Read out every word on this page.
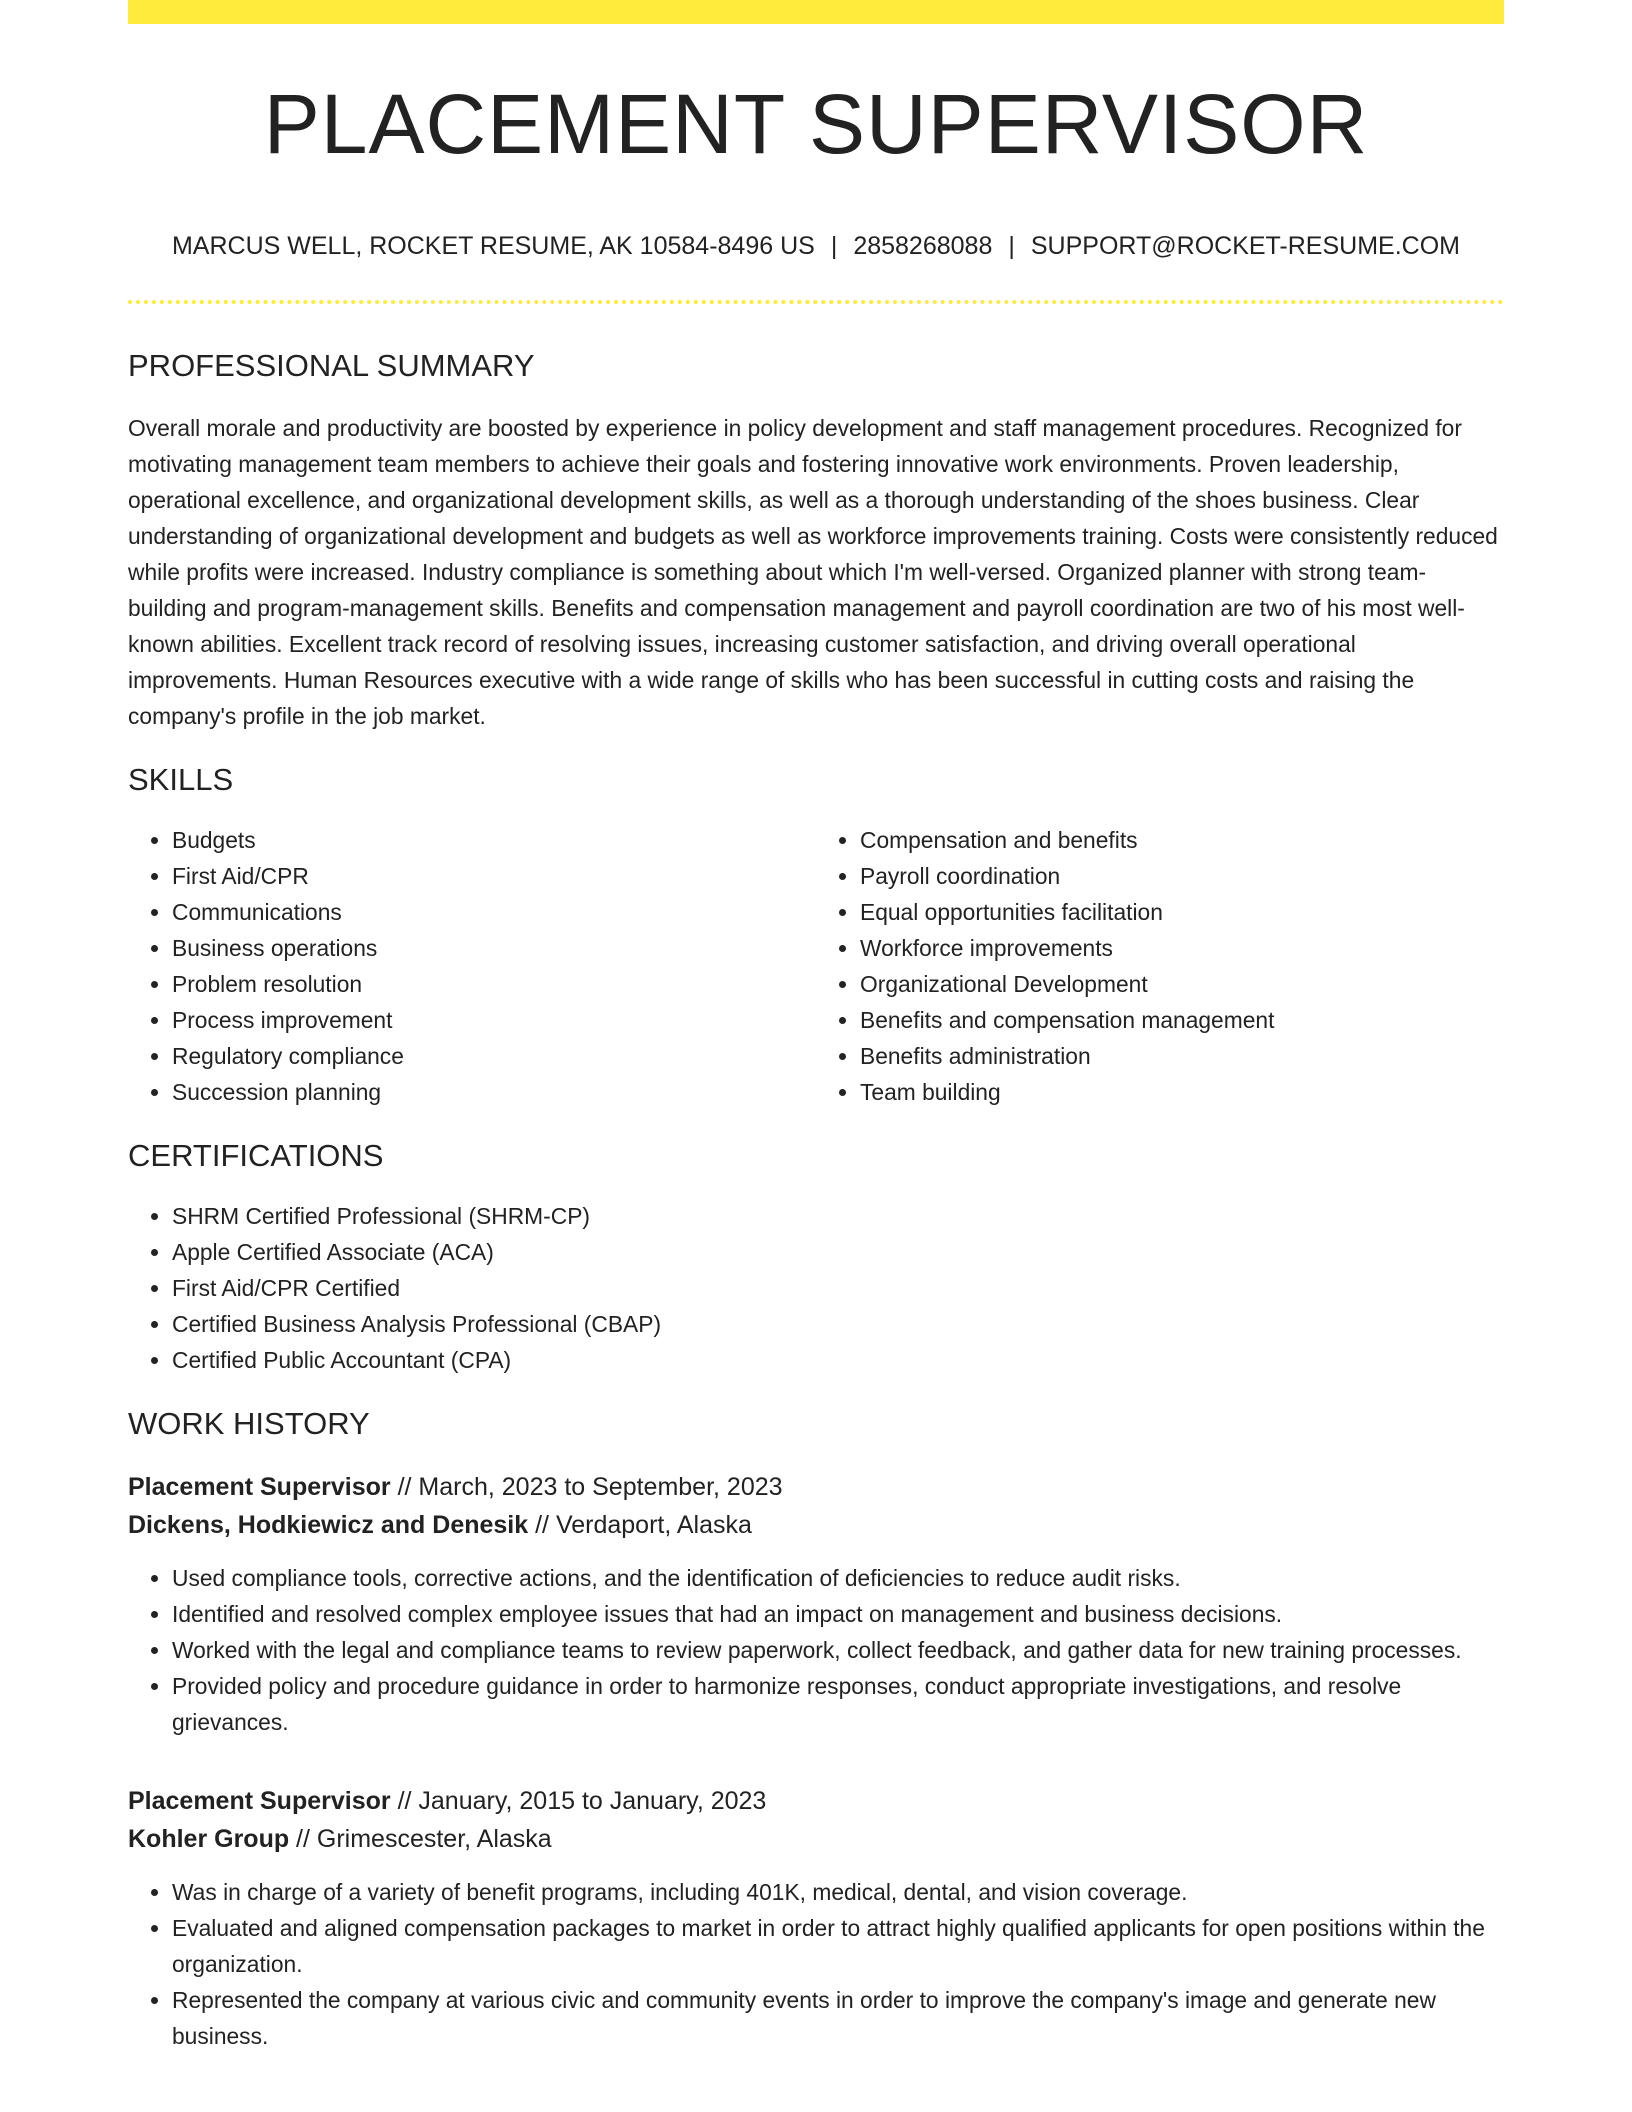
PLACEMENT SUPERVISOR
MARCUS WELL, ROCKET RESUME, AK 10584-8496 US | 2858268088 | SUPPORT@ROCKET-RESUME.COM
PROFESSIONAL SUMMARY

Overall morale and productivity are boosted by experience in policy development and staff management procedures. Recognized for motivating management team members to achieve their goals and fostering innovative work environments. Proven leadership, operational excellence, and organizational development skills, as well as a thorough understanding of the shoes business. Clear understanding of organizational development and budgets as well as workforce improvements training. Costs were consistently reduced while profits were increased. Industry compliance is something about which I'm well-versed. Organized planner with strong team-building and program-management skills. Benefits and compensation management and payroll coordination are two of his most well-known abilities. Excellent track record of resolving issues, increasing customer satisfaction, and driving overall operational improvements. Human Resources executive with a wide range of skills who has been successful in cutting costs and raising the company's profile in the job market.

SKILLS
• Budgets
• First Aid/CPR
• Communications
• Business operations
• Problem resolution
• Process improvement
• Regulatory compliance
• Succession planning
• Compensation and benefits
• Payroll coordination
• Equal opportunities facilitation
• Workforce improvements
• Organizational Development
• Benefits and compensation management
• Benefits administration
• Team building
CERTIFICATIONS
• SHRM Certified Professional (SHRM-CP)
• Apple Certified Associate (ACA)
• First Aid/CPR Certified
• Certified Business Analysis Professional (CBAP)
• Certified Public Accountant (CPA)
WORK HISTORY
Placement Supervisor // March, 2023 to September, 2023
Dickens, Hodkiewicz and Denesik // Verdaport, Alaska
• Used compliance tools, corrective actions, and the identification of deficiencies to reduce audit risks.
• Identified and resolved complex employee issues that had an impact on management and business decisions.
• Worked with the legal and compliance teams to review paperwork, collect feedback, and gather data for new training processes.
• Provided policy and procedure guidance in order to harmonize responses, conduct appropriate investigations, and resolve grievances.
Placement Supervisor // January, 2015 to January, 2023
Kohler Group // Grimescester, Alaska
• Was in charge of a variety of benefit programs, including 401K, medical, dental, and vision coverage.
• Evaluated and aligned compensation packages to market in order to attract highly qualified applicants for open positions within the organization.
• Represented the company at various civic and community events in order to improve the company's image and generate new business.
